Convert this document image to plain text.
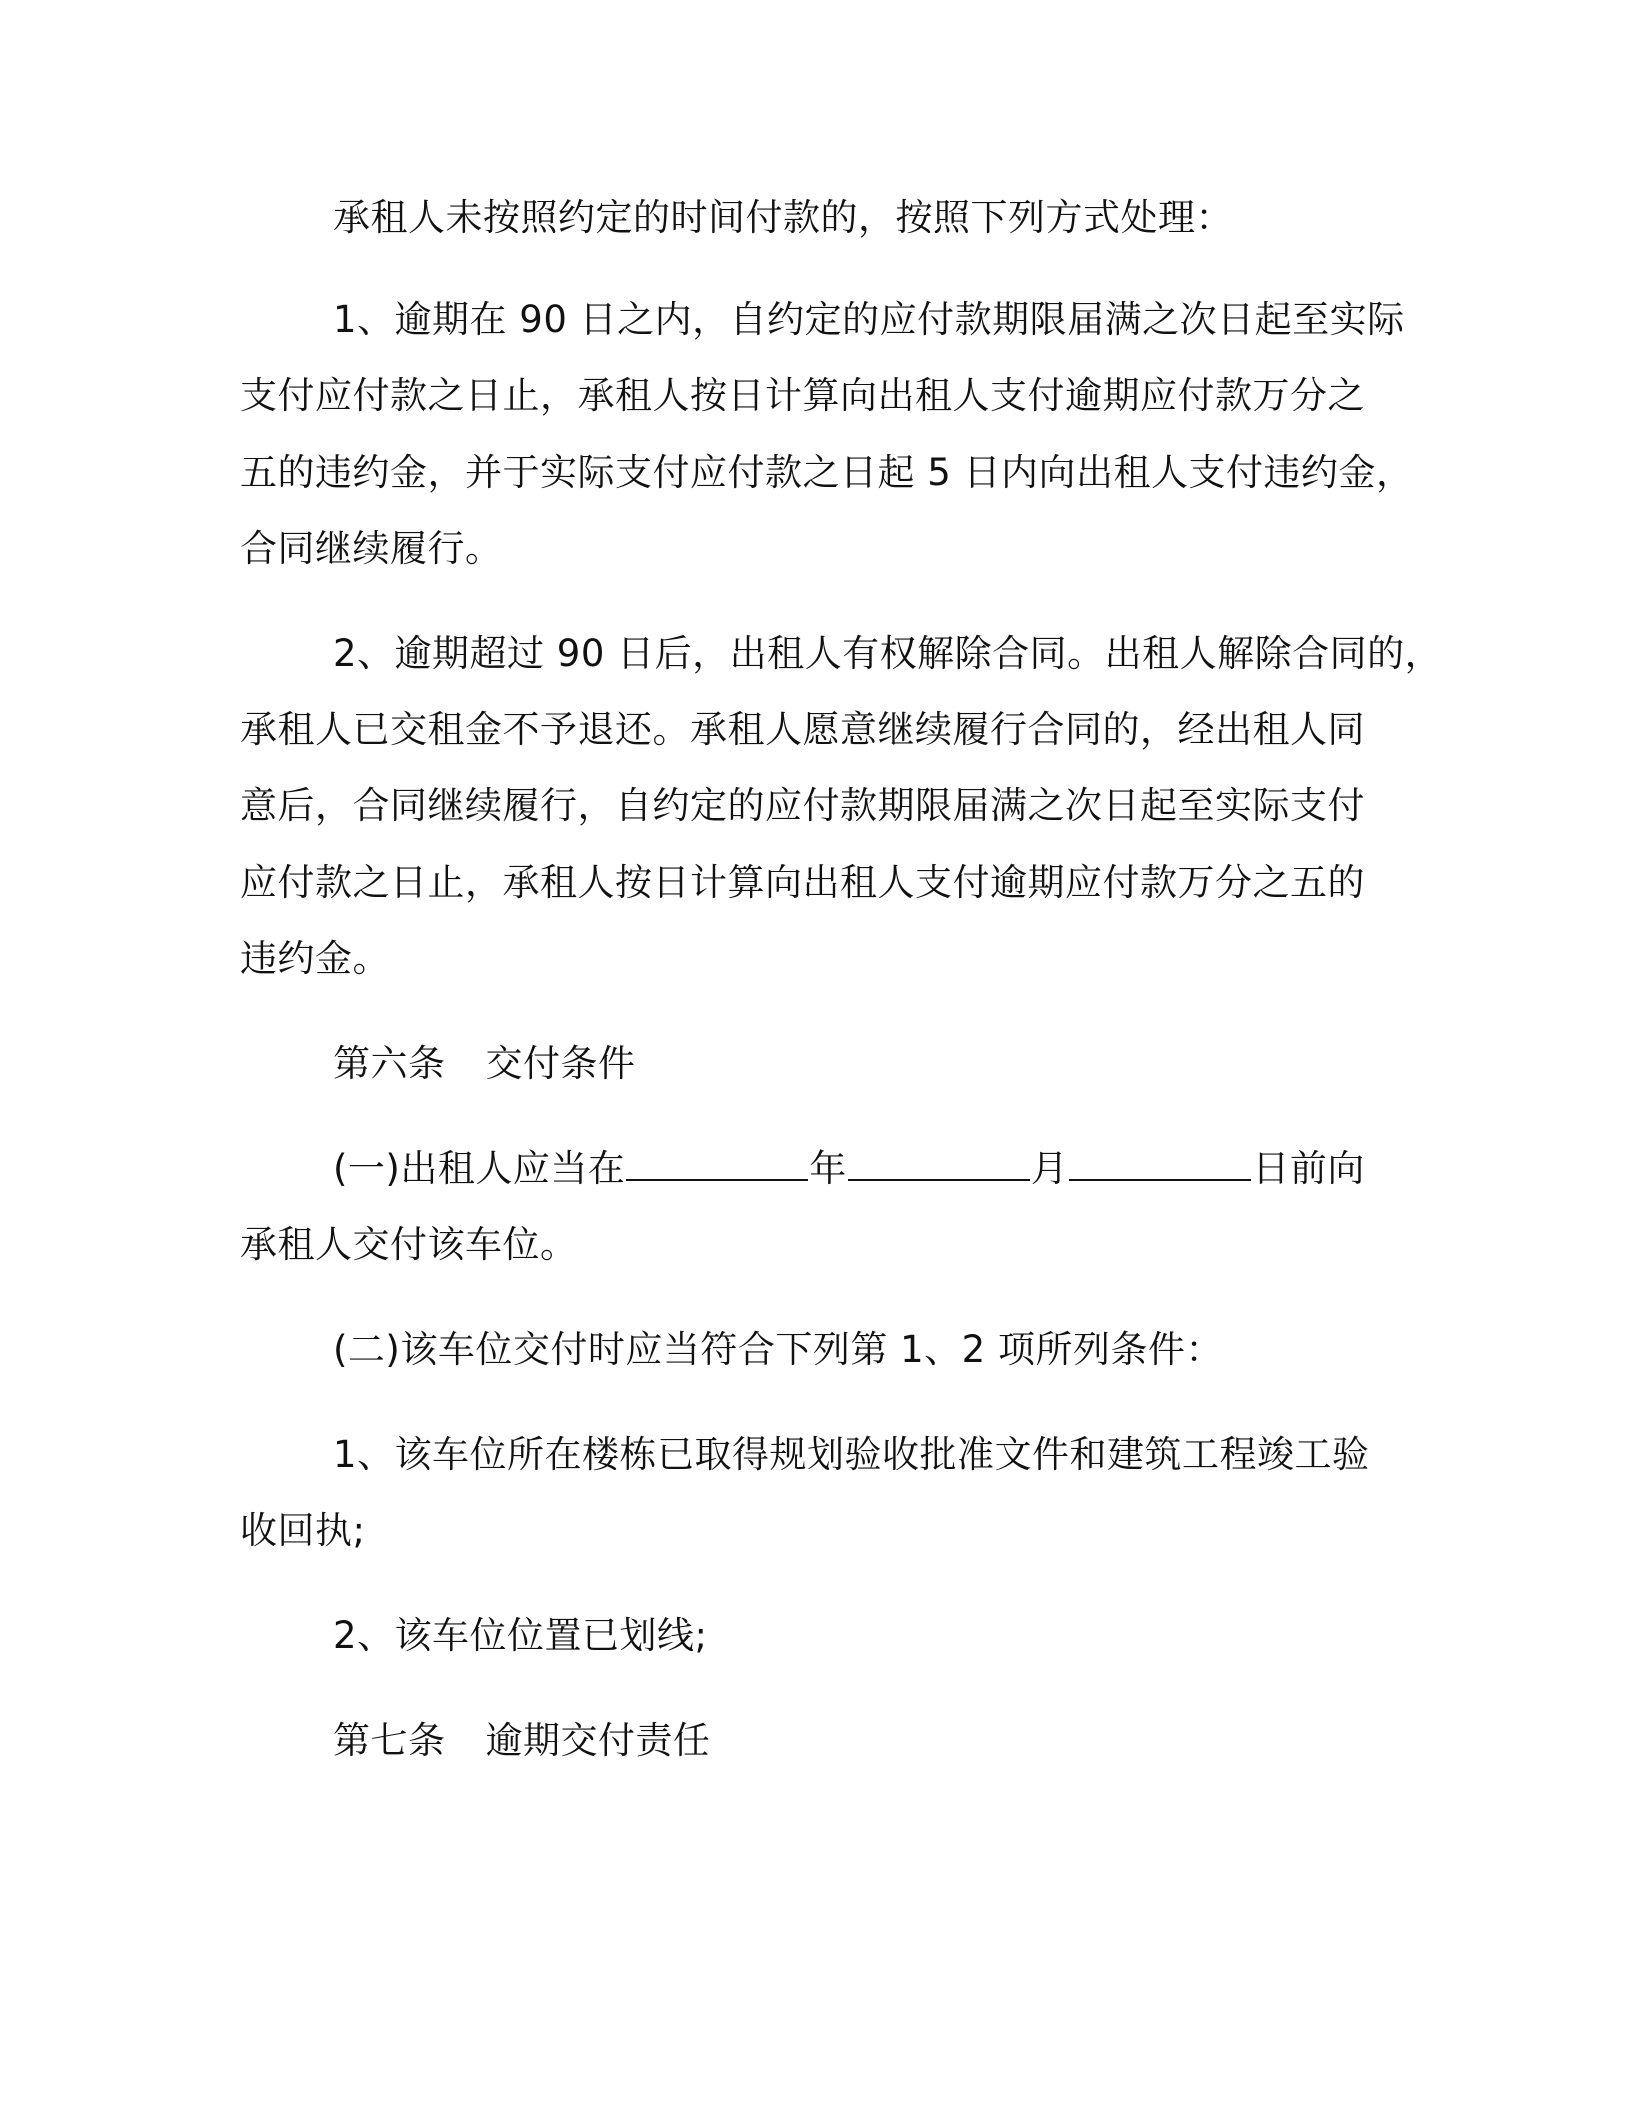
承租人未按照约定的时间付款的，按照下列方式处理：
1、逾期在 90 日之内，自约定的应付款期限届满之次日起至实际
支付应付款之日止，承租人按日计算向出租人支付逾期应付款万分之
五的违约金，并于实际支付应付款之日起 5 日内向出租人支付违约金，
合同继续履行。
2、逾期超过 90 日后，出租人有权解除合同。出租人解除合同的，
承租人已交租金不予退还。承租人愿意继续履行合同的，经出租人同
意后，合同继续履行，自约定的应付款期限届满之次日起至实际支付
应付款之日止，承租人按日计算向出租人支付逾期应付款万分之五的
违约金。
第六条 交付条件
(一)出租人应当在	年	月	日前向
承租人交付该车位。
(二)该车位交付时应当符合下列第 1、2 项所列条件：
1、该车位所在楼栋已取得规划验收批准文件和建筑工程竣工验
收回执;
2、该车位位置已划线;
第七条 逾期交付责任
